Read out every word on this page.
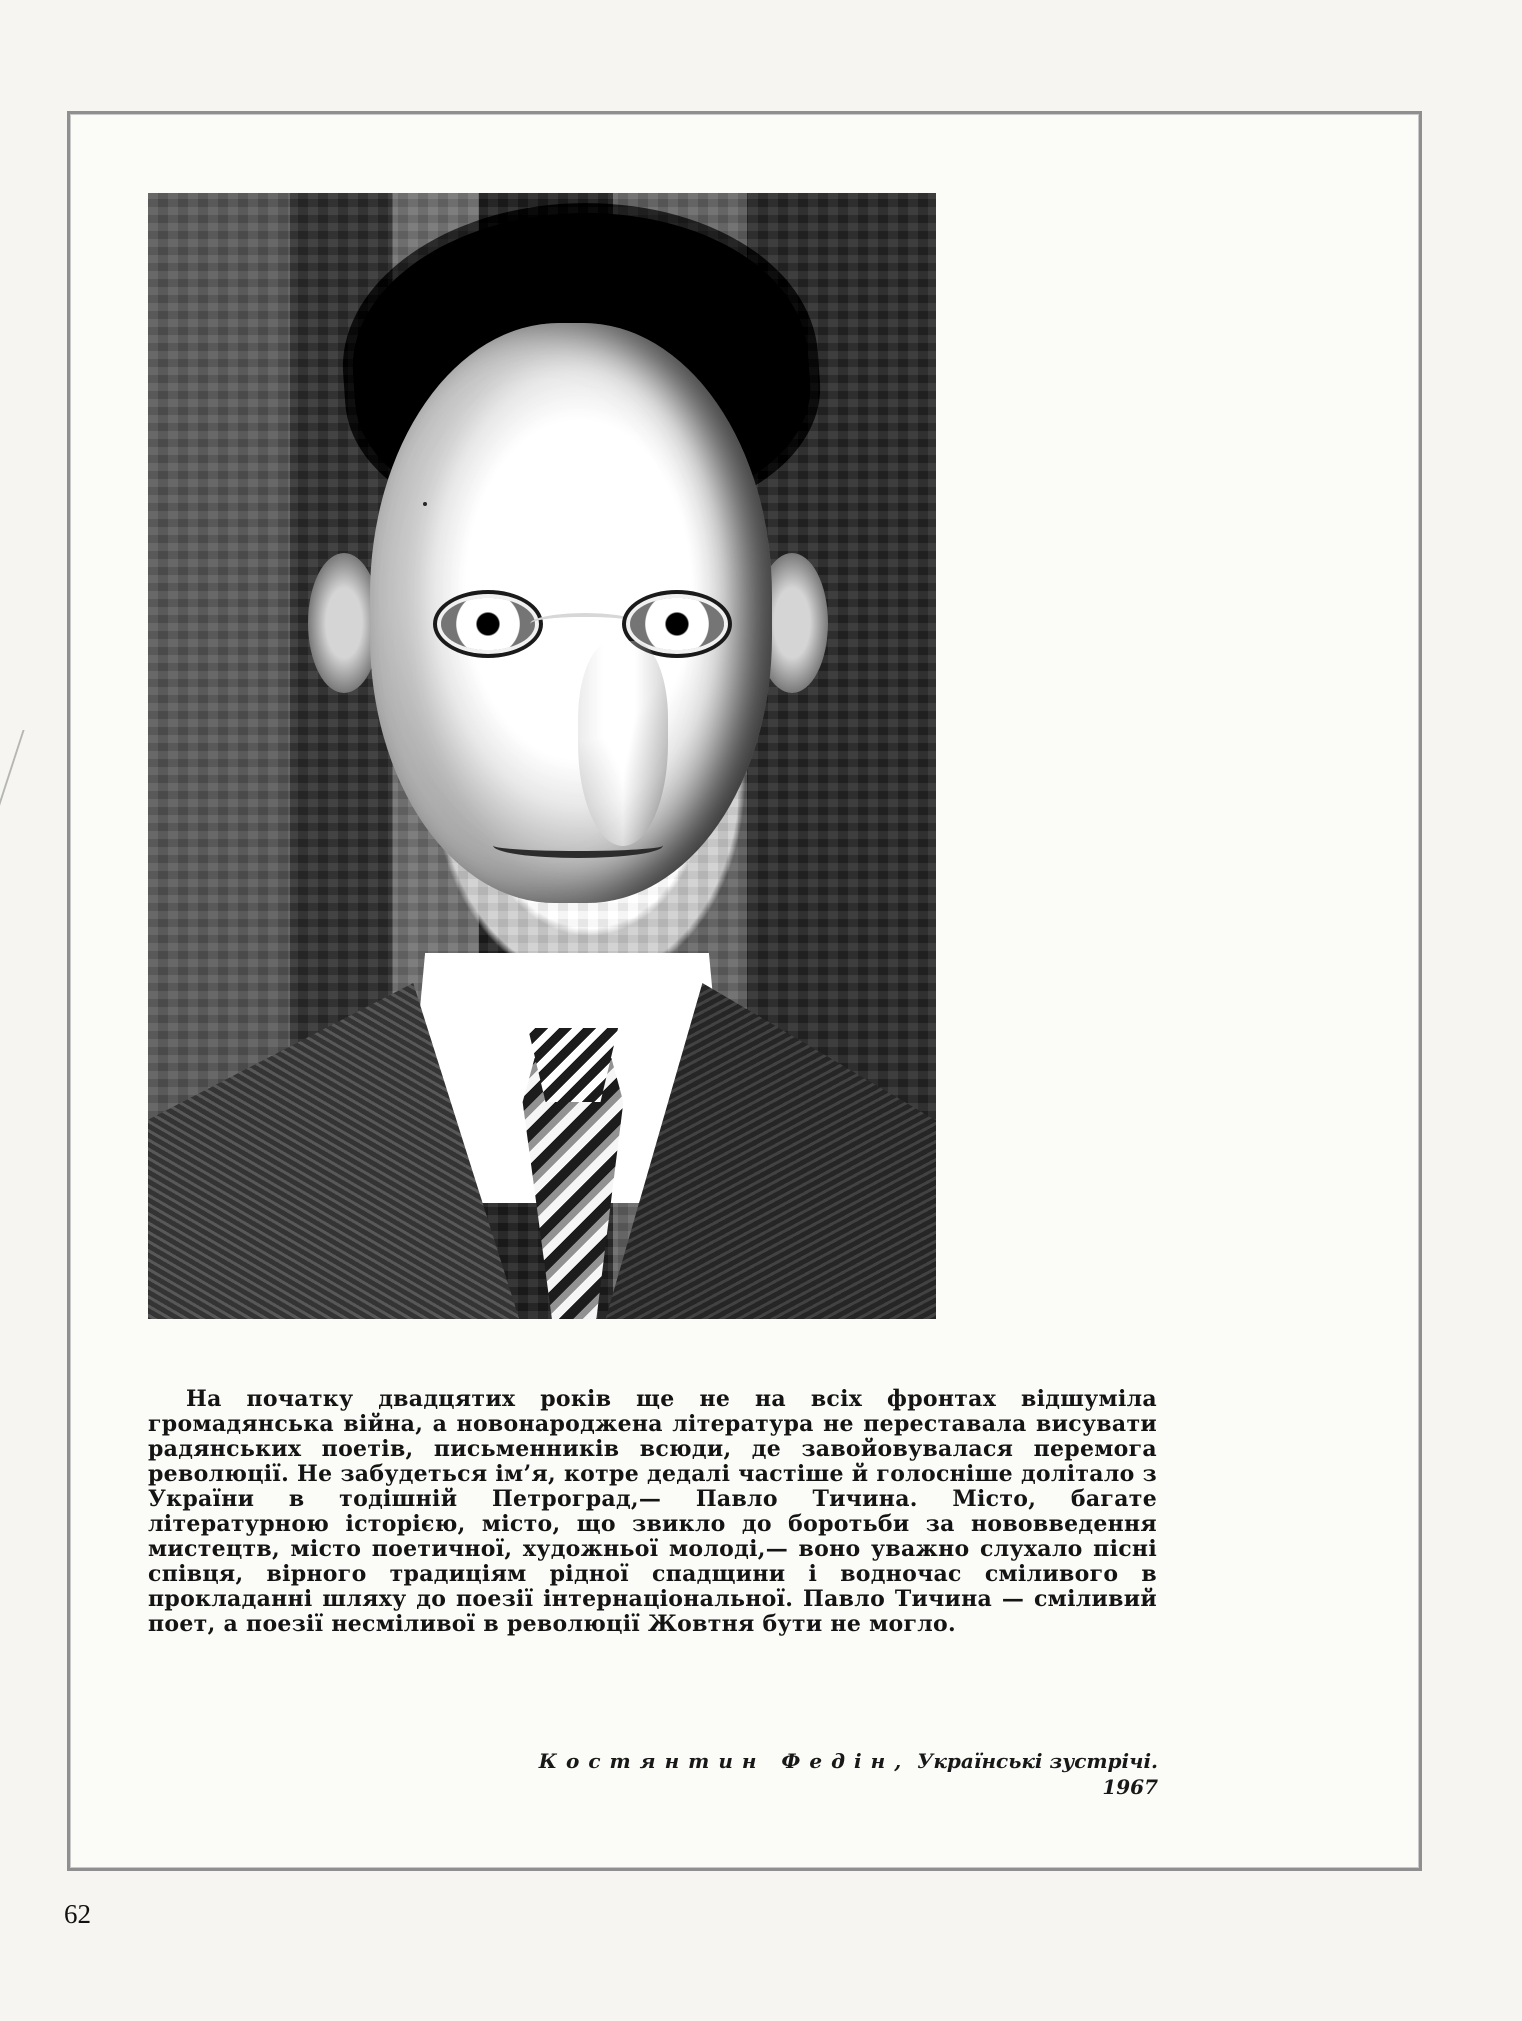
На початку двадцятих років ще не на всіх фронтах відшуміла громадянська війна, а новонароджена література не переставала висувати радянських поетів, письменників всюди, де завойовувалася перемога революції. Не забудеться ім’я, котре дедалі частіше й голосніше долітало з України в тодішній Петроград,— Павло Тичина. Місто, багате літературною історією, місто, що звикло до боротьби за нововведення мистецтв, місто поетичної, художньої молоді,— воно уважно слухало пісні співця, вірного традиціям рідної спадщини і водночас сміливого в прокладанні шляху до поезії інтернаціональної. Павло Тичина — сміливий поет, а поезії несміливої в революції Жовтня бути не могло.
Костянтин Федін, Українські зустрічі. 1967
62
